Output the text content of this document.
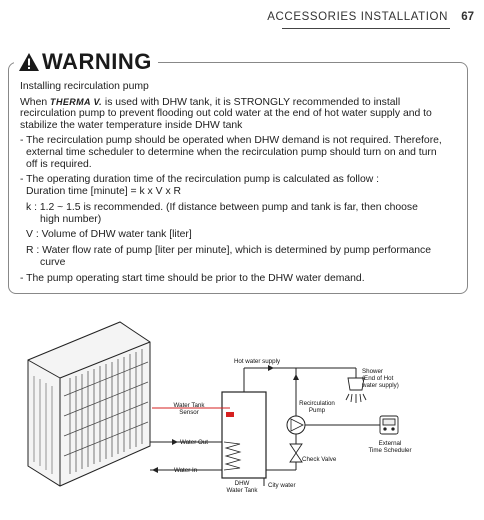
ACCESSORIES INSTALLATION 67
WARNING
Installing recirculation pump
When THERMA V. is used with DHW tank, it is STRONGLY recommended to install
recirculation pump to prevent flooding out cold water at the end of hot water supply and to
stabilize the water temperature inside DHW tank
- The recirculation pump should be operated when DHW demand is not required. Therefore,
external time scheduler to determine when the recirculation pump should turn on and turn
off is required.
- The operating duration time of the recirculation pump is calculated as follow :
Duration time [minute] = k x V x R
k : 1.2 ~ 1.5 is recommended. (If distance between pump and tank is far, then choose
high number)
V : Volume of DHW water tank [liter]
R : Water flow rate of pump [liter per minute], which is determined by pump performance
curve
- The pump operating start time should be prior to the DHW water demand.
Hot water supply
Shower
(End of Hot
water supply)
Water Tank
Sensor
Recirculation
Pump
Water Out
Water In
Check Valve
External
Time Scheduler
DHW
Water Tank
City water
